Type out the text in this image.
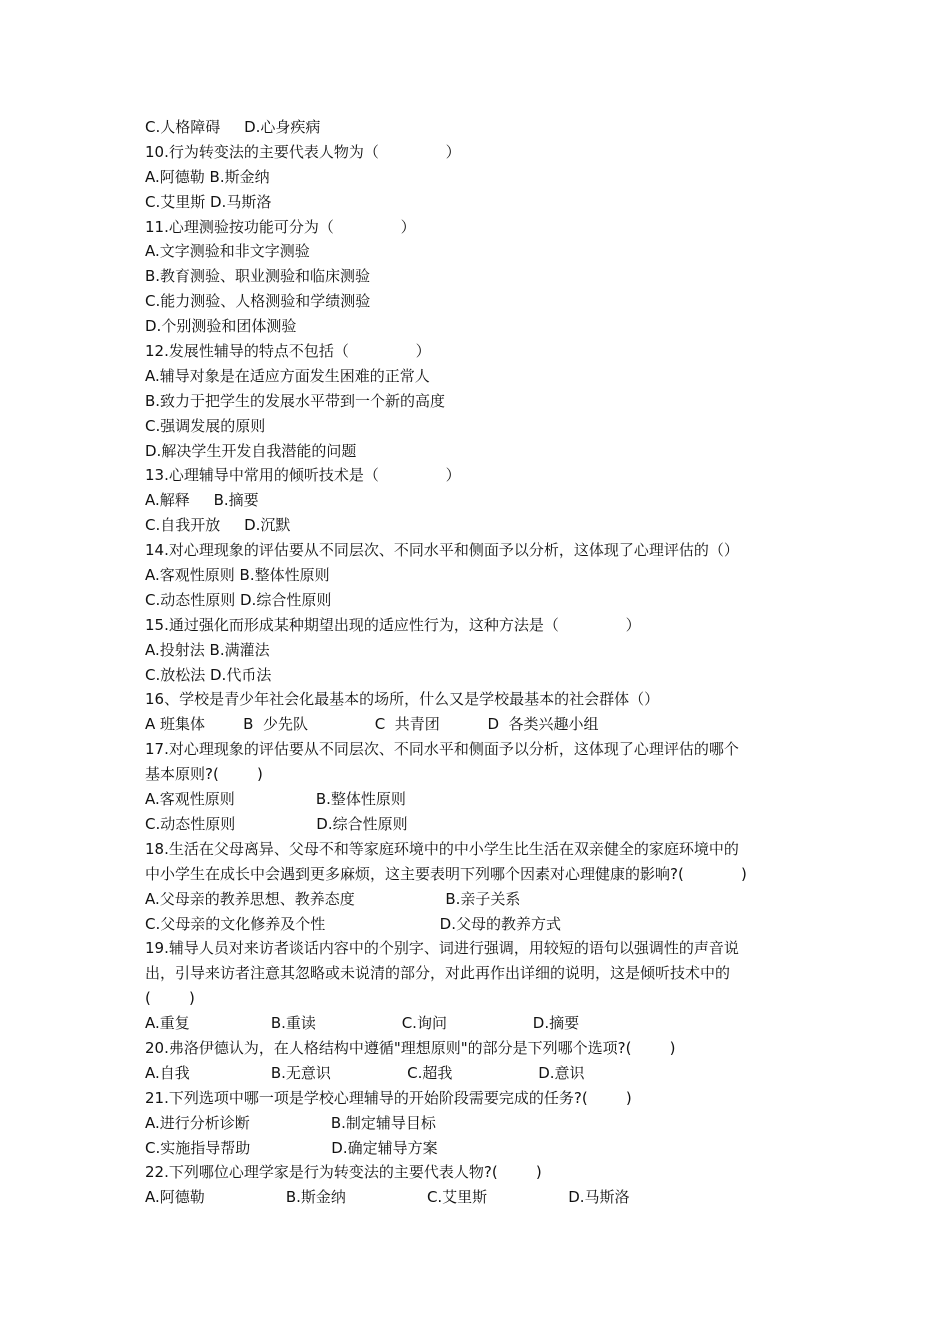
C.人格障碍     D.心身疾病

10.行为转变法的主要代表人物为（              ）

A.阿德勒 B.斯金纳

C.艾里斯 D.马斯洛

11.心理测验按功能可分为（              ）

A.文字测验和非文字测验

B.教育测验、职业测验和临床测验

C.能力测验、人格测验和学绩测验

D.个别测验和团体测验

12.发展性辅导的特点不包括（              ）

A.辅导对象是在适应方面发生困难的正常人

B.致力于把学生的发展水平带到一个新的高度

C.强调发展的原则

D.解决学生开发自我潜能的问题

13.心理辅导中常用的倾听技术是（              ）

A.解释     B.摘要

C.自我开放     D.沉默

14.对心理现象的评估要从不同层次、不同水平和侧面予以分析，这体现了心理评估的（）

A.客观性原则 B.整体性原则

C.动态性原则 D.综合性原则

15.通过强化而形成某种期望出现的适应性行为，这种方法是（              ）

A.投射法 B.满灌法

C.放松法 D.代币法

16、学校是青少年社会化最基本的场所，什么又是学校最基本的社会群体（）

A 班集体        B  少先队              C  共青团          D  各类兴趣小组

17.对心理现象的评估要从不同层次、不同水平和侧面予以分析，这体现了心理评估的哪个

基本原则?(        )

A.客观性原则                 B.整体性原则

C.动态性原则                 D.综合性原则

18.生活在父母离异、父母不和等家庭环境中的中小学生比生活在双亲健全的家庭环境中的

中小学生在成长中会遇到更多麻烦，这主要表明下列哪个因素对心理健康的影响?(            )

A.父母亲的教养思想、教养态度                   B.亲子关系

C.父母亲的文化修养及个性                        D.父母的教养方式

19.辅导人员对来访者谈话内容中的个别字、词进行强调，用较短的语句以强调性的声音说

出，引导来访者注意其忽略或未说清的部分，对此再作出详细的说明，这是倾听技术中的

(        )

A.重复                 B.重读                  C.询问                  D.摘要

20.弗洛伊德认为，在人格结构中遵循"理想原则"的部分是下列哪个选项?(        )

A.自我                 B.无意识                C.超我                  D.意识

21.下列选项中哪一项是学校心理辅导的开始阶段需要完成的任务?(        )

A.进行分析诊断                 B.制定辅导目标

C.实施指导帮助                 D.确定辅导方案

22.下列哪位心理学家是行为转变法的主要代表人物?(        )

A.阿德勒                 B.斯金纳                 C.艾里斯                 D.马斯洛
